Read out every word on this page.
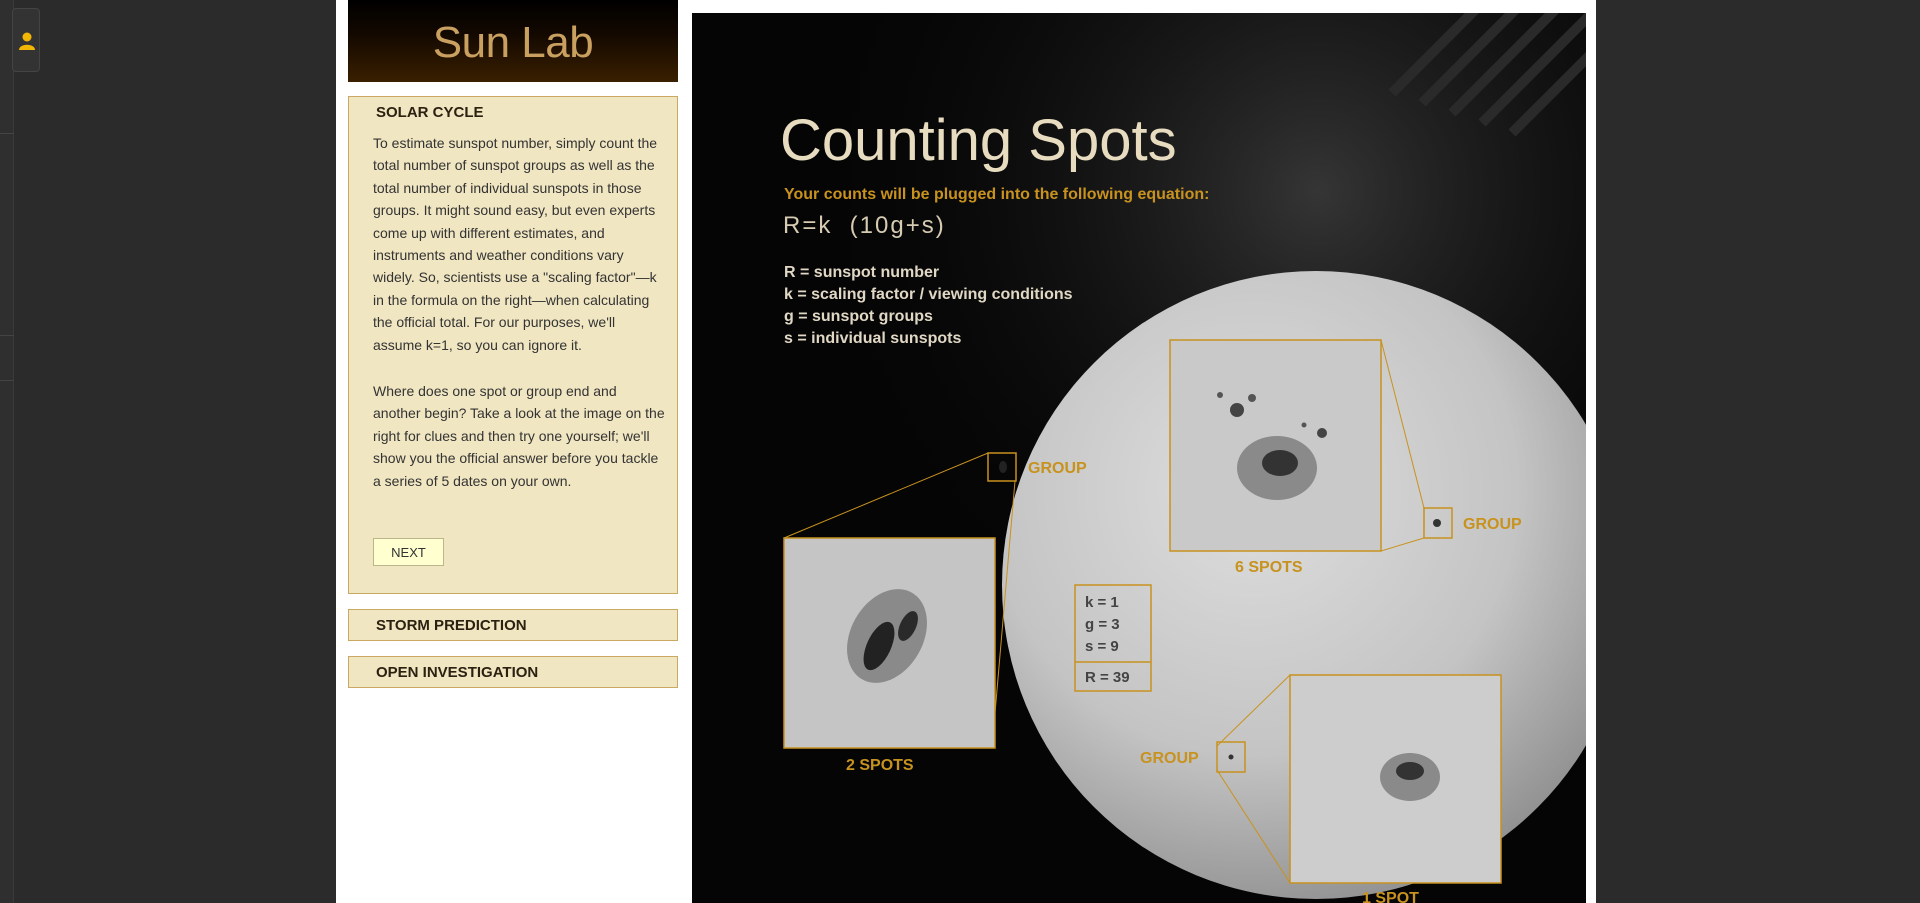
Sun Lab
SOLAR CYCLE

To estimate sunspot number, simply count the total number of sunspot groups as well as the total number of individual sunspots in those groups. It might sound easy, but even experts come up with different estimates, and instruments and weather conditions vary widely. So, scientists use a "scaling factor"—k in the formula on the right—when calculating the official total. For our purposes, we'll assume k=1, so you can ignore it.

Where does one spot or group end and another begin? Take a look at the image on the right for clues and then try one yourself; we'll show you the official answer before you tackle a series of 5 dates on your own.

NEXT
STORM PREDICTION
OPEN INVESTIGATION
Counting Spots
Your counts will be plugged into the following equation:
R=k  (10g+s)
R = sunspot number
k = scaling factor / viewing conditions
g = sunspot groups
s = individual sunspots
GROUP
GROUP
GROUP
6 SPOTS
2 SPOTS
k = 1
g = 3
s = 9
R = 39
1 SPOT
